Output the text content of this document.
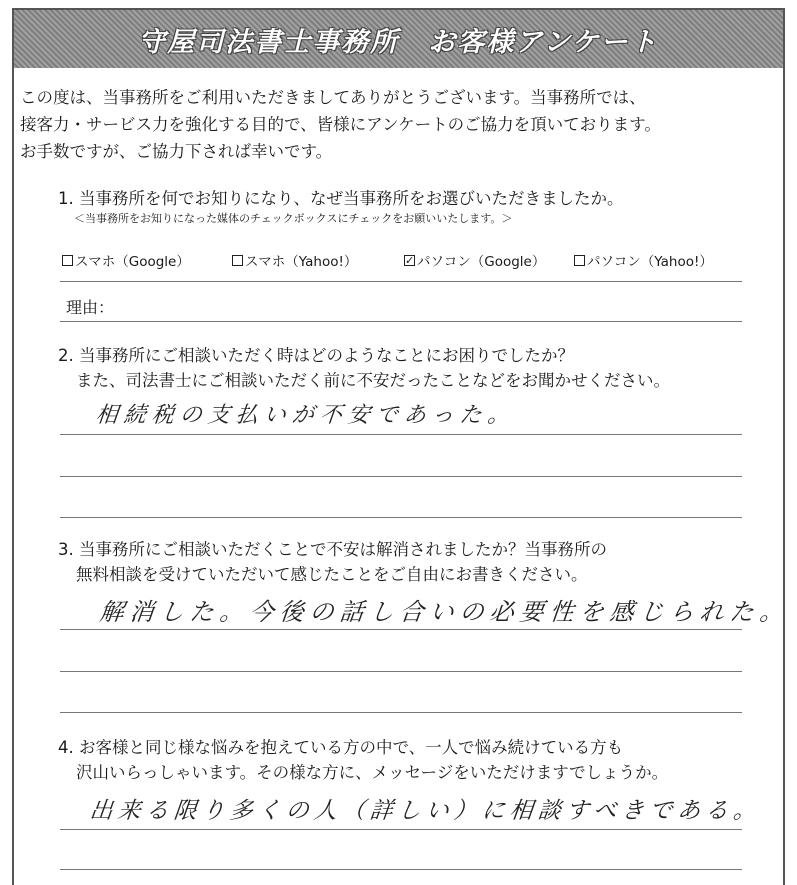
守屋司法書士事務所　お客様アンケート
この度は、当事務所をご利用いただきましてありがとうございます。当事務所では、
接客力・サービス力を強化する目的で、皆様にアンケートのご協力を頂いております。
お手数ですが、ご協力下されば幸いです。
1. 当事務所を何でお知りになり、なぜ当事務所をお選びいただきましたか。
＜当事務所をお知りになった媒体のチェックボックスにチェックをお願いいたします。＞
スマホ（Google）	スマホ（Yahoo!）	✓ パソコン（Google）	パソコン（Yahoo!）
理由：
2. 当事務所にご相談いただく時はどのようなことにお困りでしたか？
また、司法書士にご相談いただく前に不安だったことなどをお聞かせください。
相続税の支払いが不安であった。
3. 当事務所にご相談いただくことで不安は解消されましたか？当事務所の
無料相談を受けていただいて感じたことをご自由にお書きください。
解消した。今後の話し合いの必要性を感じられた。
4. お客様と同じ様な悩みを抱えている方の中で、一人で悩み続けている方も
沢山いらっしゃいます。その様な方に、メッセージをいただけますでしょうか。
出来る限り多くの人（詳しい）に相談すべきである。
